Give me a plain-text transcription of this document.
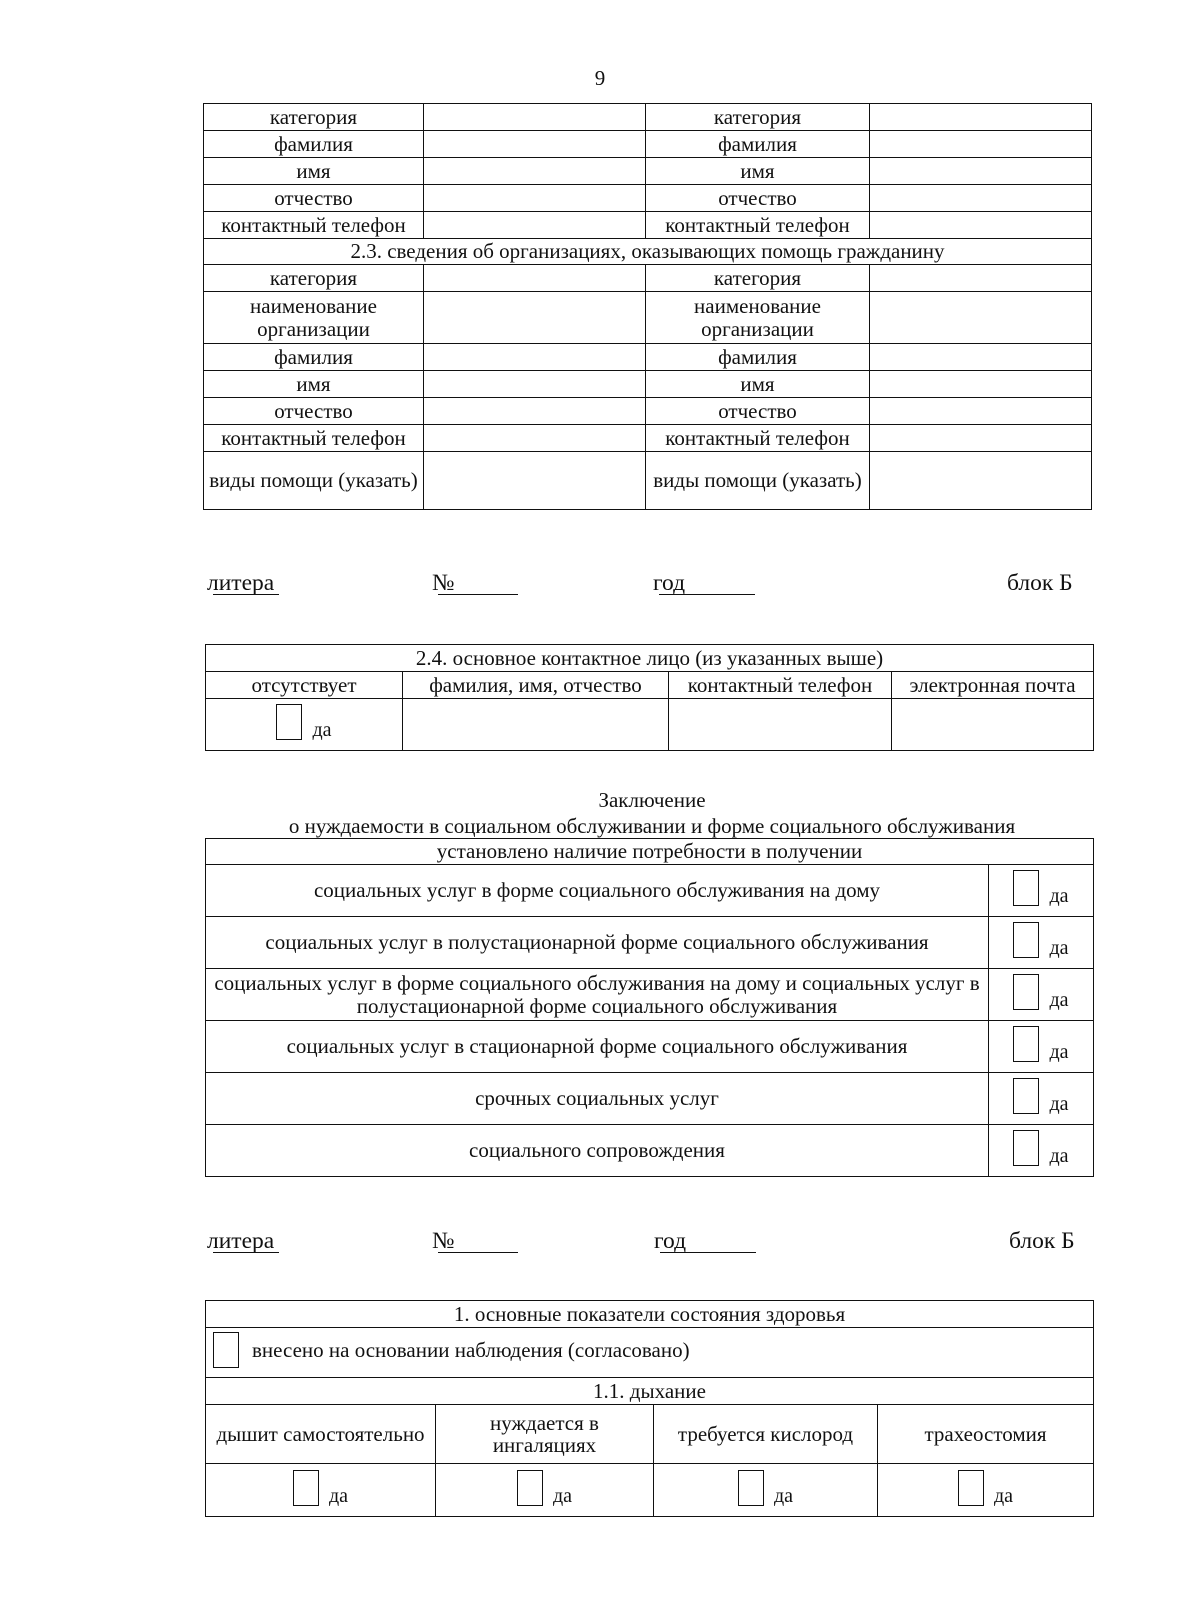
9
категория		категория	
фамилия		фамилия	
имя		имя	
отчество		отчество	
контактный телефон		контактный телефон	
2.3. сведения об организациях, оказывающих помощь гражданину			
категория		категория	
наименование организации		наименование организации	
фамилия		фамилия	
имя		имя	
отчество		отчество	
контактный телефон		контактный телефон	
виды помощи (указать)		виды помощи (указать)	
литера	№	год	блок Б
2.4. основное контактное лицо (из указанных выше)			
отсутствует	фамилия, имя, отчество	контактный телефон	электронная почта

да			

Заключение
о нуждаемости в социальном обслуживании и форме социального обслуживания
установлено наличие потребности в получении	
социальных услуг в форме социального обслуживания на дому	да

социальных услуг в полустационарной форме социального обслуживания	да

социальных услуг в форме социального обслуживания на дому и социальных услуг в полустационарной форме социального обслуживания	да

социальных услуг в стационарной форме социального обслуживания	да

срочных социальных услуг	да

социального сопровождения	да
литера	№	год	блок Б
1. основные показатели состояния здоровья			

внесено на основании наблюдения (согласовано)			

1.1. дыхание			
дышит самостоятельно	нуждается в ингаляциях	требуется кислород	трахеостомия

да	да	да	да
